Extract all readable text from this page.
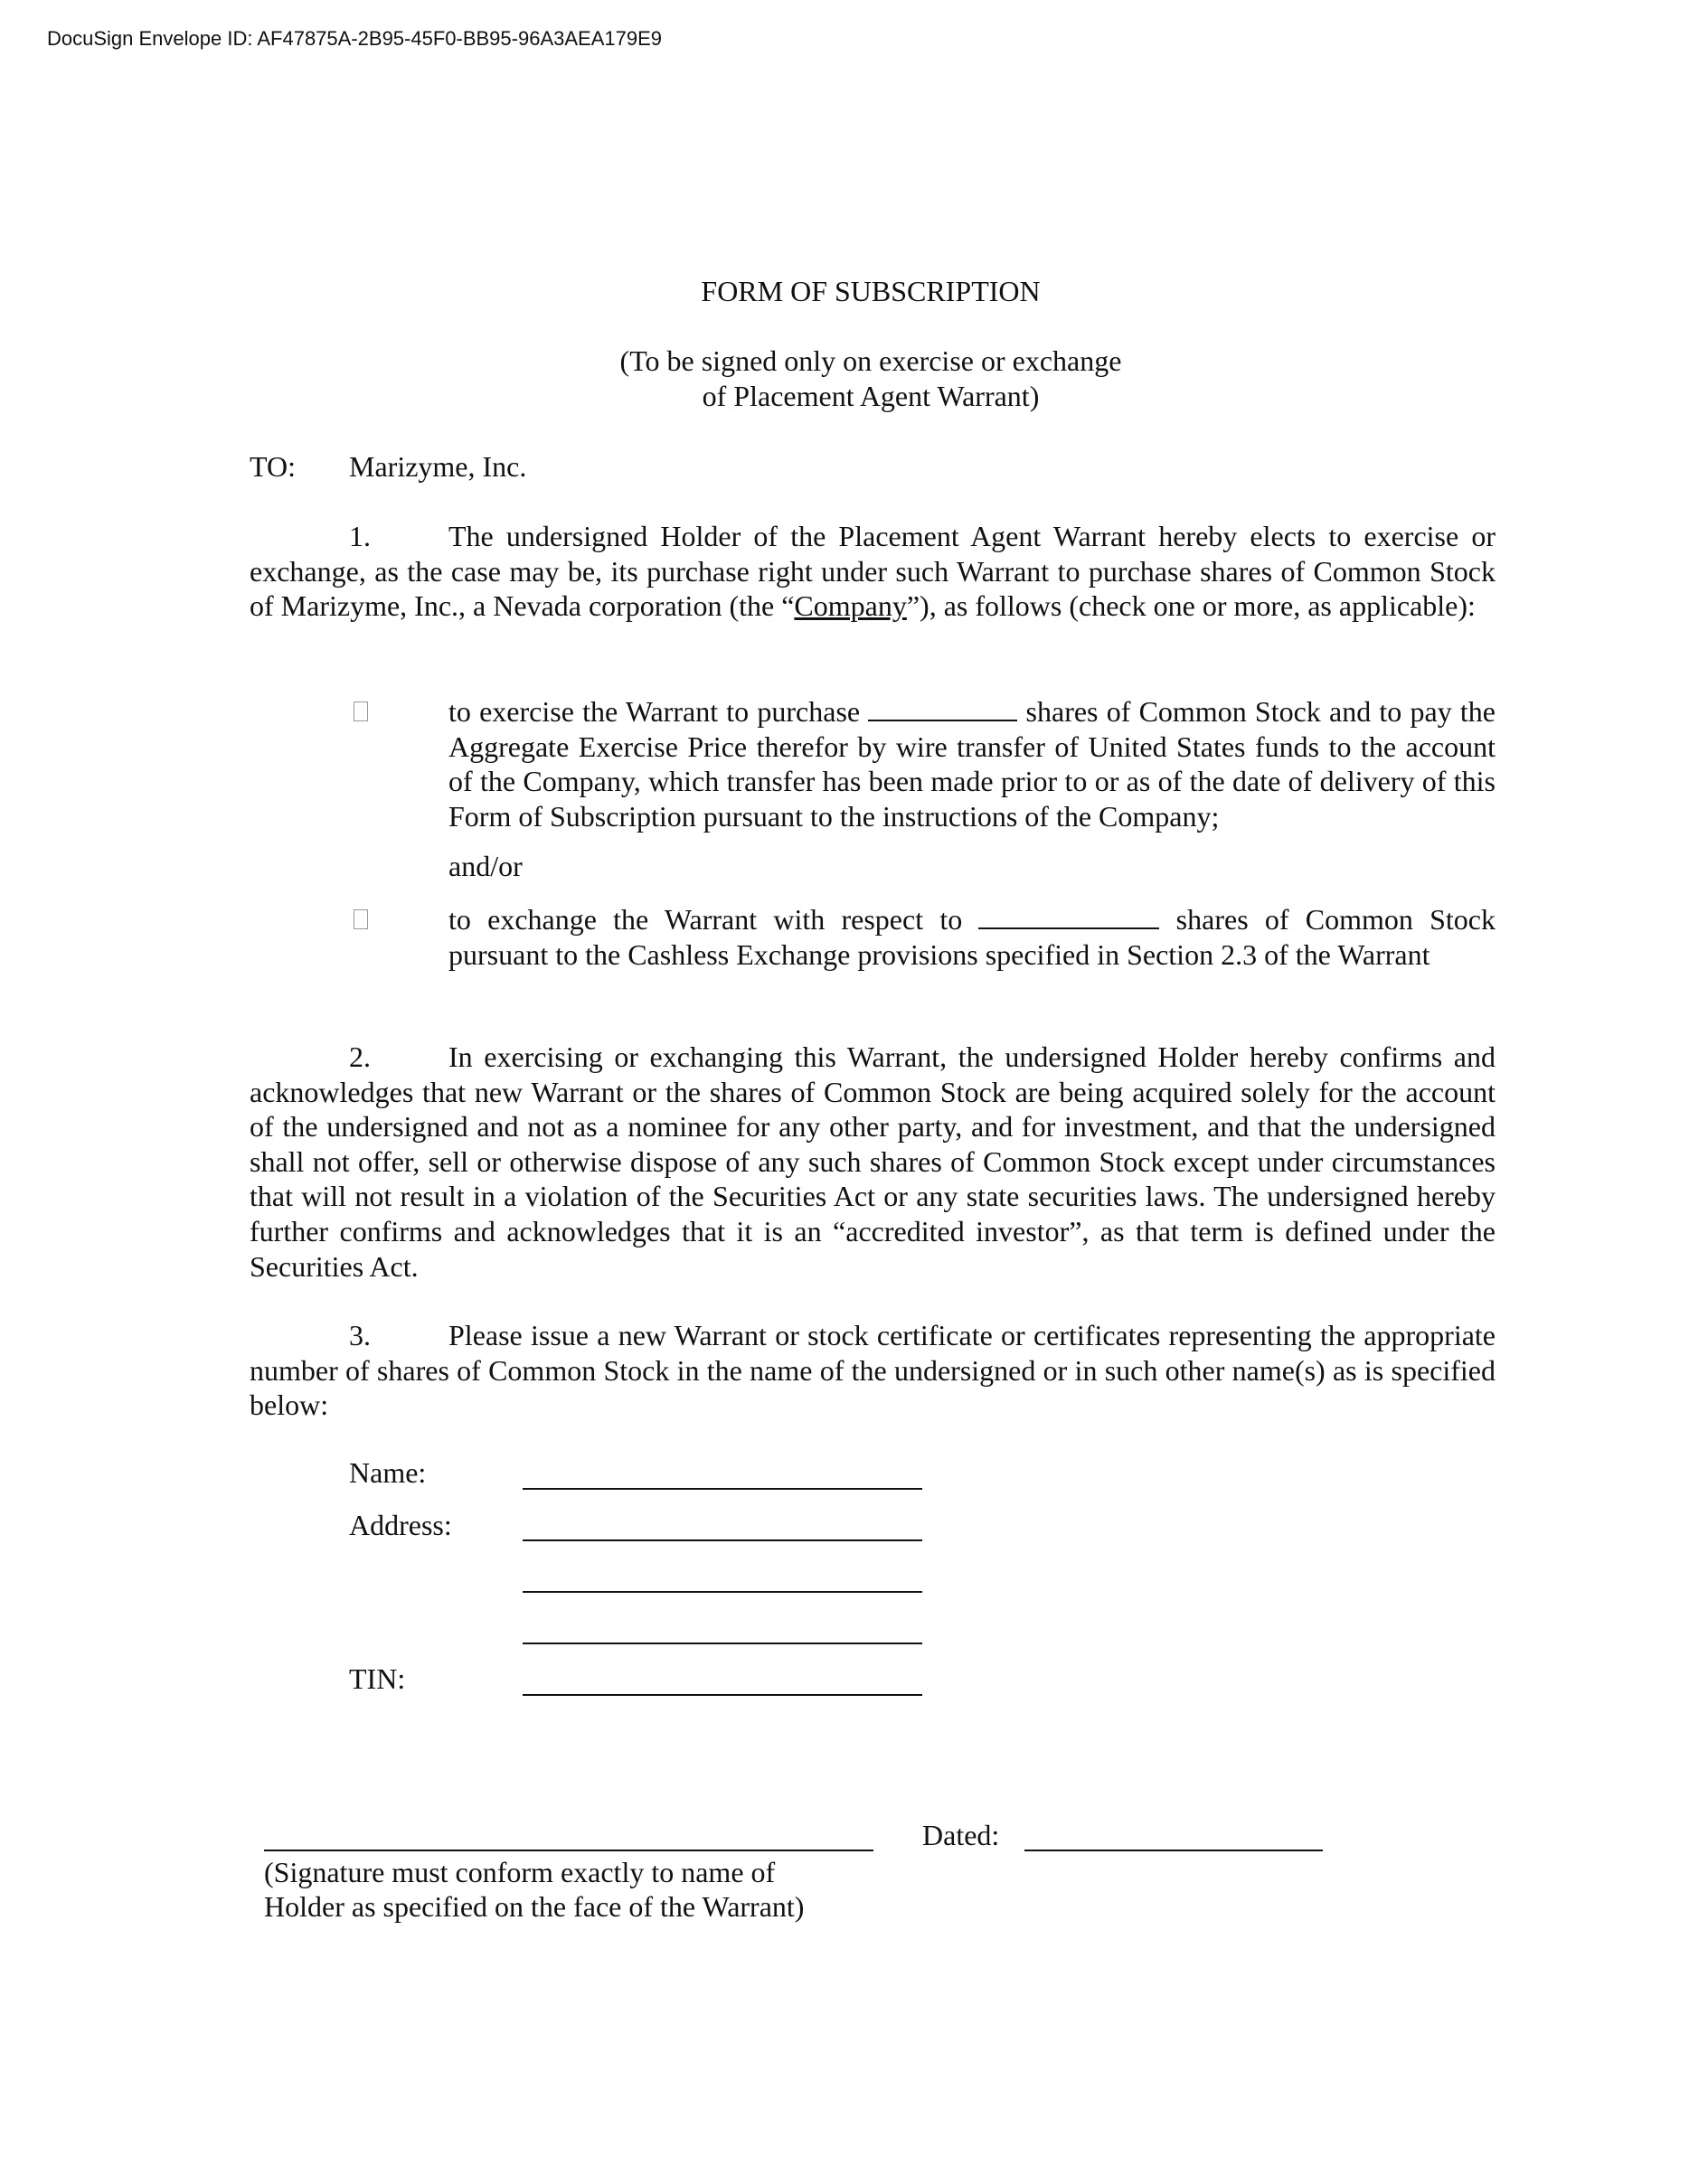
DocuSign Envelope ID: AF47875A-2B95-45F0-BB95-96A3AEA179E9
FORM OF SUBSCRIPTION
(To be signed only on exercise or exchange
of Placement Agent Warrant)
TO: Marizyme, Inc.
1.	The undersigned Holder of the Placement Agent Warrant hereby elects to exercise or exchange, as the case may be, its purchase right under such Warrant to purchase shares of Common Stock of Marizyme, Inc., a Nevada corporation (the “Company”), as follows (check one or more, as applicable):
to exercise the Warrant to purchase	shares of Common Stock and to pay the Aggregate Exercise Price therefor by wire transfer of United States funds to the account of the Company, which transfer has been made prior to or as of the date of delivery of this Form of Subscription pursuant to the instructions of the Company;
and/or
to exchange the Warrant with respect to	shares of Common Stock pursuant to the Cashless Exchange provisions specified in Section 2.3 of the Warrant
2.	In exercising or exchanging this Warrant, the undersigned Holder hereby confirms and acknowledges that new Warrant or the shares of Common Stock are being acquired solely for the account of the undersigned and not as a nominee for any other party, and for investment, and that the undersigned shall not offer, sell or otherwise dispose of any such shares of Common Stock except under circumstances that will not result in a violation of the Securities Act or any state securities laws. The undersigned hereby further confirms and acknowledges that it is an “accredited investor”, as that term is defined under the Securities Act.
3.	Please issue a new Warrant or stock certificate or certificates representing the appropriate number of shares of Common Stock in the name of the undersigned or in such other name(s) as is specified below:
Name:
Address:
TIN:
Dated:
(Signature must conform exactly to name of
Holder as specified on the face of the Warrant)
